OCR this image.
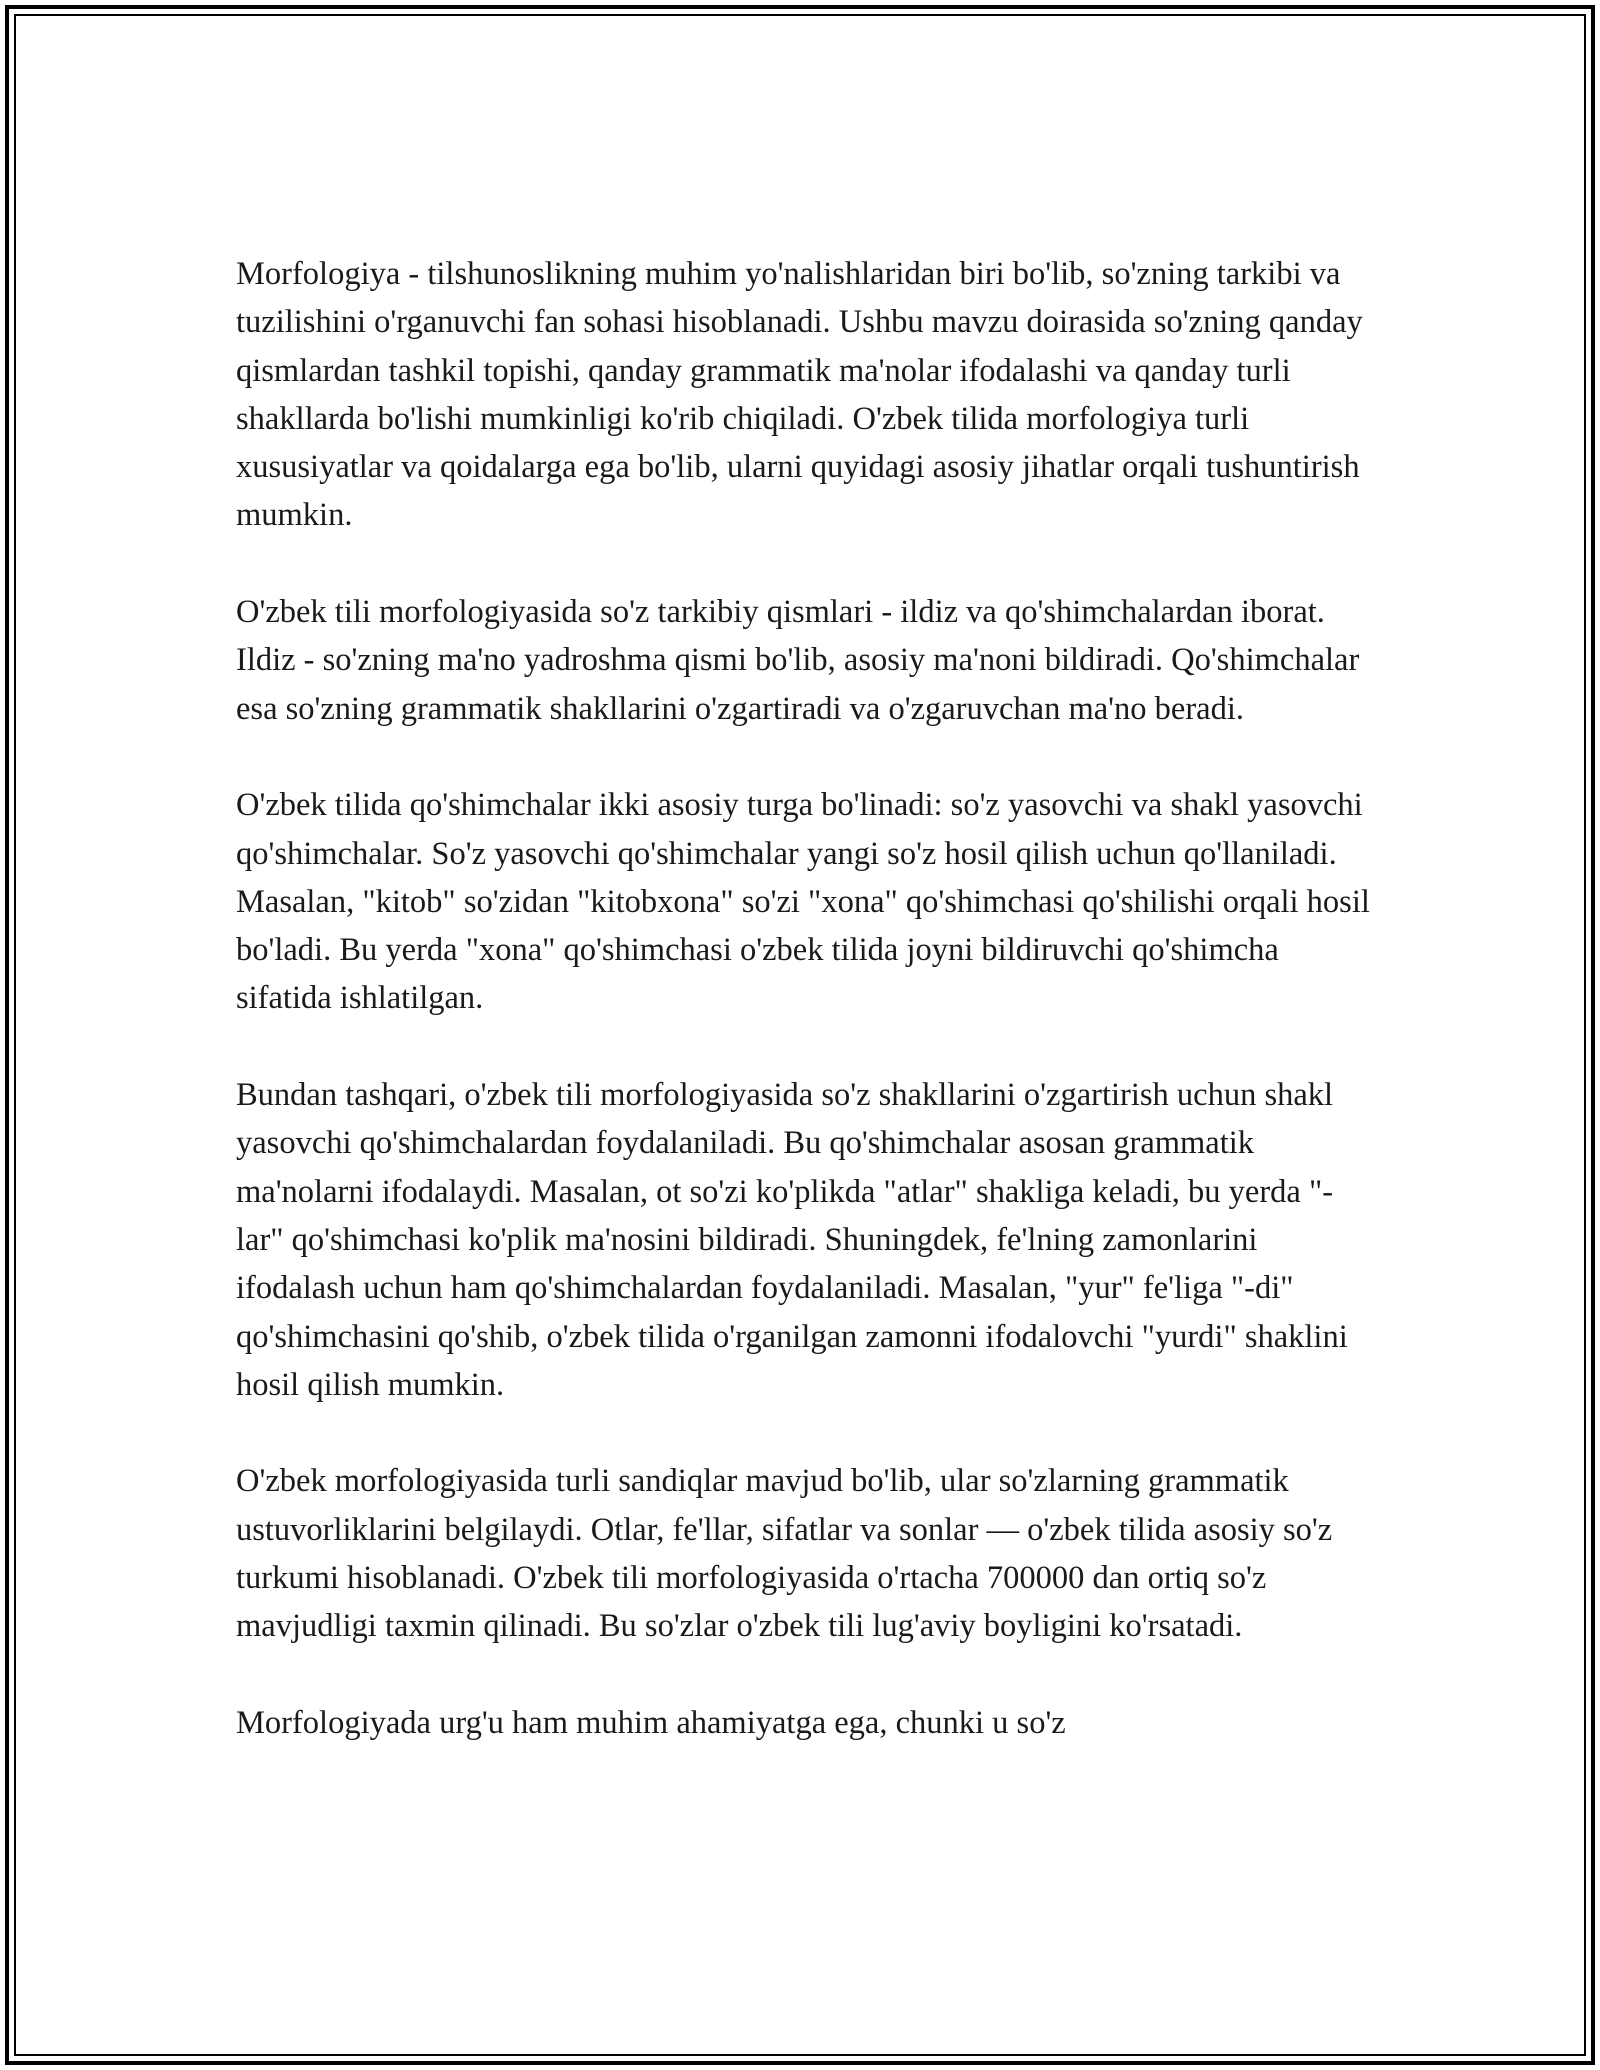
Morfologiya - tilshunoslikning muhim yo'nalishlaridan biri bo'lib, so'zning tarkibi va tuzilishini o'rganuvchi fan sohasi hisoblanadi. Ushbu mavzu doirasida so'zning qanday qismlardan tashkil topishi, qanday grammatik ma'nolar ifodalashi va qanday turli shakllarda bo'lishi mumkinligi ko'rib chiqiladi. O'zbek tilida morfologiya turli xususiyatlar va qoidalarga ega bo'lib, ularni quyidagi asosiy jihatlar orqali tushuntirish mumkin.

O'zbek tili morfologiyasida so'z tarkibiy qismlari - ildiz va qo'shimchalardan iborat. Ildiz - so'zning ma'no yadroshma qismi bo'lib, asosiy ma'noni bildiradi. Qo'shimchalar esa so'zning grammatik shakllarini o'zgartiradi va o'zgaruvchan ma'no beradi.

O'zbek tilida qo'shimchalar ikki asosiy turga bo'linadi: so'z yasovchi va shakl yasovchi qo'shimchalar. So'z yasovchi qo'shimchalar yangi so'z hosil qilish uchun qo'llaniladi. Masalan, "kitob" so'zidan "kitobxona" so'zi "xona" qo'shimchasi qo'shilishi orqali hosil bo'ladi. Bu yerda "xona" qo'shimchasi o'zbek tilida joyni bildiruvchi qo'shimcha sifatida ishlatilgan.

Bundan tashqari, o'zbek tili morfologiyasida so'z shakllarini o'zgartirish uchun shakl yasovchi qo'shimchalardan foydalaniladi. Bu qo'shimchalar asosan grammatik ma'nolarni ifodalaydi. Masalan, ot so'zi ko'plikda "atlar" shakliga keladi, bu yerda "-lar" qo'shimchasi ko'plik ma'nosini bildiradi. Shuningdek, fe'lning zamonlarini ifodalash uchun ham qo'shimchalardan foydalaniladi. Masalan, "yur" fe'liga "-di" qo'shimchasini qo'shib, o'zbek tilida o'rganilgan zamonni ifodalovchi "yurdi" shaklini hosil qilish mumkin.

O'zbek morfologiyasida turli sandiqlar mavjud bo'lib, ular so'zlarning grammatik ustuvorliklarini belgilaydi. Otlar, fe'llar, sifatlar va sonlar — o'zbek tilida asosiy so'z turkumi hisoblanadi. O'zbek tili morfologiyasida o'rtacha 700000 dan ortiq so'z mavjudligi taxmin qilinadi. Bu so'zlar o'zbek tili lug'aviy boyligini ko'rsatadi.

Morfologiyada urg'u ham muhim ahamiyatga ega, chunki u so'z
